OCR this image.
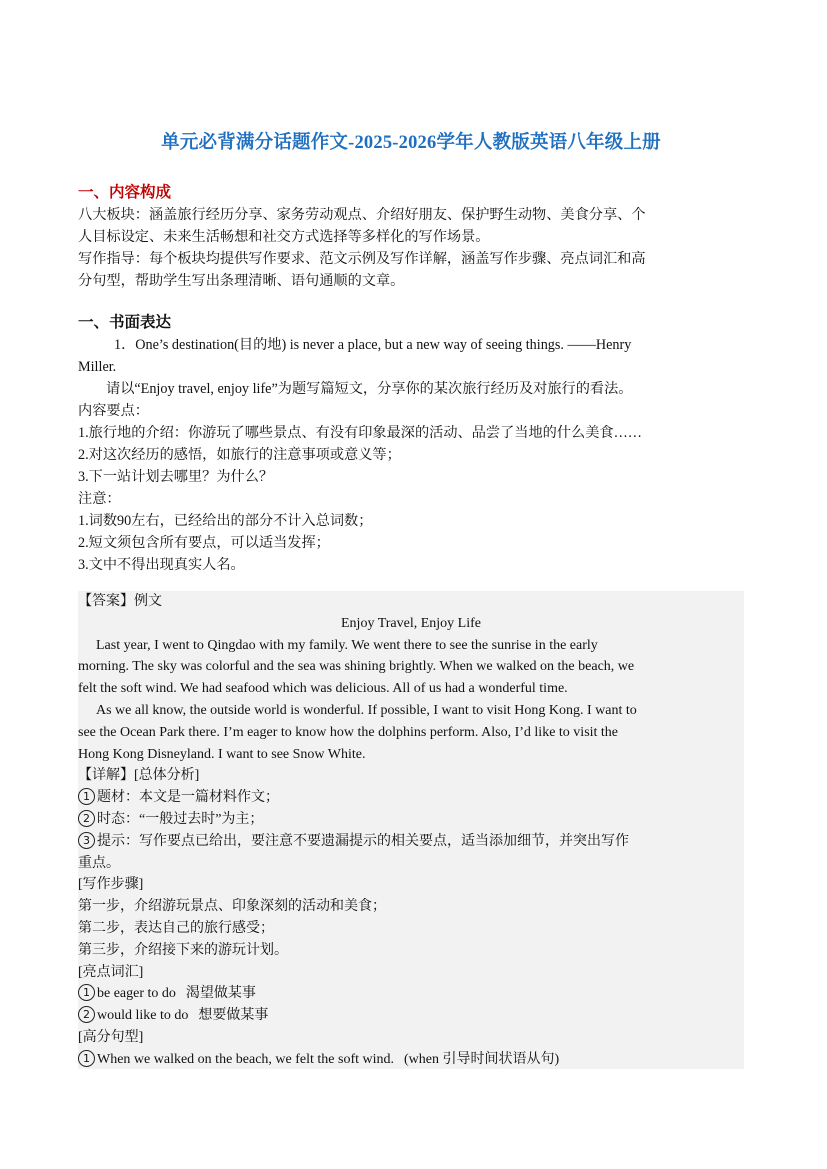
单元必背满分话题作文-2025-2026学年人教版英语八年级上册
一、内容构成

八大板块：涵盖旅行经历分享、家务劳动观点、介绍好朋友、保护野生动物、美食分享、个

人目标设定、未来生活畅想和社交方式选择等多样化的写作场景。

写作指导：每个板块均提供写作要求、范文示例及写作详解，涵盖写作步骤、亮点词汇和高

分句型，帮助学生写出条理清晰、语句通顺的文章。

一、书面表达

1．One’s destination(目的地) is never a place, but a new way of seeing things. ——Henry

Miller.

请以“Enjoy travel, enjoy life”为题写篇短文，分享你的某次旅行经历及对旅行的看法。

内容要点：

1.旅行地的介绍：你游玩了哪些景点、有没有印象最深的活动、品尝了当地的什么美食……

2.对这次经历的感悟，如旅行的注意事项或意义等；

3.下一站计划去哪里？为什么？

注意：

1.词数90左右，已经给出的部分不计入总词数；

2.短文须包含所有要点，可以适当发挥；

3.文中不得出现真实人名。

【答案】例文

Enjoy Travel, Enjoy Life

Last year, I went to Qingdao with my family. We went there to see the sunrise in the early

morning. The sky was colorful and the sea was shining brightly. When we walked on the beach, we

felt the soft wind. We had seafood which was delicious. All of us had a wonderful time.

As we all know, the outside world is wonderful. If possible, I want to visit Hong Kong. I want to

see the Ocean Park there. I’m eager to know how the dolphins perform. Also, I’d like to visit the

Hong Kong Disneyland. I want to see Snow White.

【详解】[总体分析]

1 题材：本文是一篇材料作文；

2 时态：“一般过去时”为主；

3 提示：写作要点已给出，要注意不要遗漏提示的相关要点，适当添加细节，并突出写作

重点。

[写作步骤]

第一步，介绍游玩景点、印象深刻的活动和美食；

第二步，表达自己的旅行感受；

第三步，介绍接下来的游玩计划。

[亮点词汇]

1 be eager to do 渴望做某事

2 would like to do 想要做某事

[高分句型]

1 When we walked on the beach, we felt the soft wind. (when 引导时间状语从句)
